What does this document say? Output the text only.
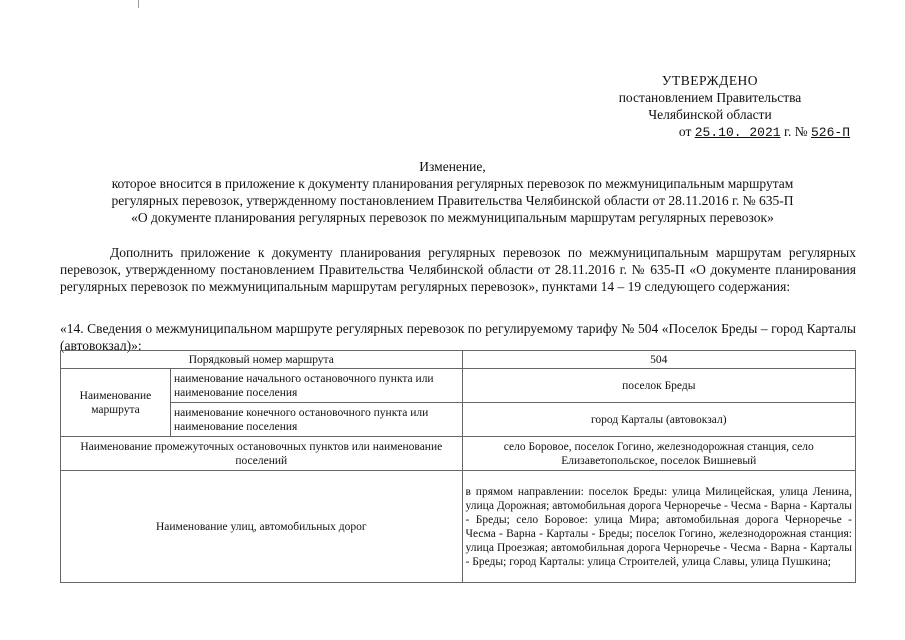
УТВЕРЖДЕНО
постановлением Правительства
Челябинской области
от 25.10. 2021 г. № 526-П
Изменение,
которое вносится в приложение к документу планирования регулярных перевозок по межмуниципальным маршрутам
регулярных перевозок, утвержденному постановлением Правительства Челябинской области от 28.11.2016 г. № 635-П
«О документе планирования регулярных перевозок по межмуниципальным маршрутам регулярных перевозок»
Дополнить приложение к документу планирования регулярных перевозок по межмуниципальным маршрутам регулярных перевозок, утвержденному постановлением Правительства Челябинской области от 28.11.2016 г. № 635-П «О документе планирования регулярных перевозок по межмуниципальным маршрутам регулярных перевозок», пунктами 14 – 19 следующего содержания:
«14. Сведения о межмуниципальном маршруте регулярных перевозок по регулируемому тарифу № 504 «Поселок Бреды – город Карталы (автовокзал)»:
Порядковый номер маршрута		504
Наименование маршрута	наименование начального остановочного пункта или наименование поселения	поселок Бреды
	наименование конечного остановочного пункта или наименование поселения	город Карталы (автовокзал)
Наименование промежуточных остановочных пунктов или наименование поселений		село Боровое, поселок Гогино, железнодорожная станция, село Елизаветопольское, поселок Вишневый
Наименование улиц, автомобильных дорог		в прямом направлении: поселок Бреды: улица Милицейская, улица Ленина, улица Дорожная; автомобильная дорога Черноречье - Чесма - Варна - Карталы - Бреды; село Боровое: улица Мира; автомобильная дорога Черноречье - Чесма - Варна - Карталы - Бреды; поселок Гогино, железнодорожная станция: улица Проезжая; автомобильная дорога Черноречье - Чесма - Варна - Карталы - Бреды; город Карталы: улица Строителей, улица Славы, улица Пушкина;
